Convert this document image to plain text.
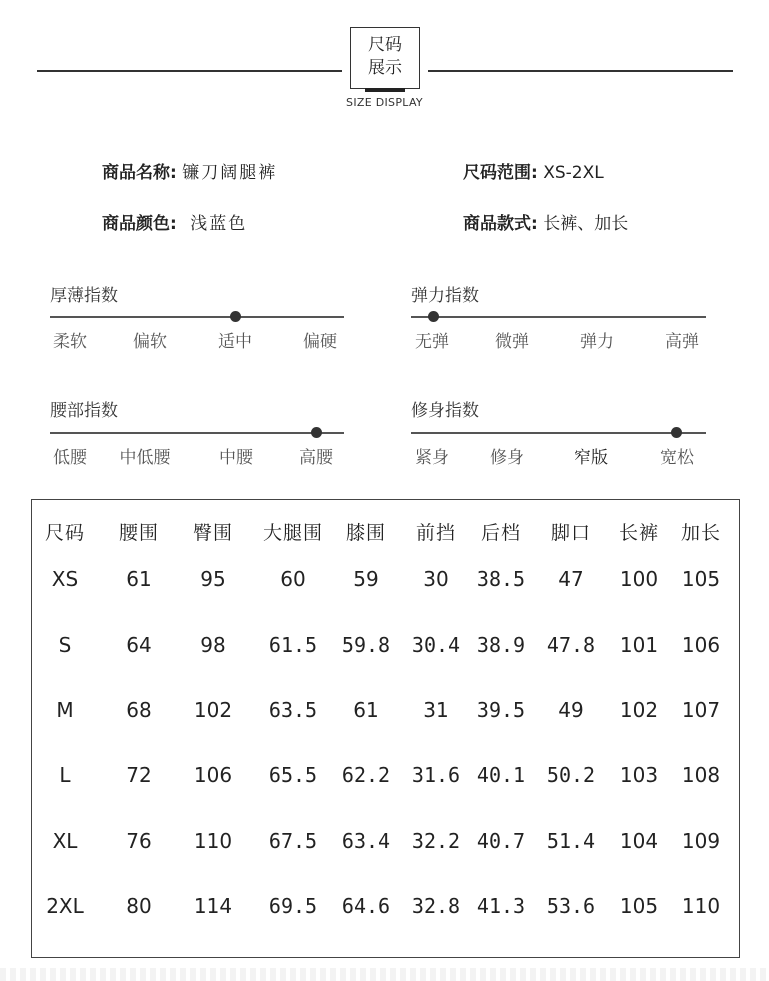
尺码
展示
SIZE DISPLAY
商品名称: 镰刀阔腿裤	尺码范围: XS-2XL
商品颜色: 浅蓝色	商品款式: 长裤、加长
厚薄指数
柔软	偏软	适中	偏硬
弹力指数
无弹	微弹	弹力	高弹
腰部指数
低腰 中低腰	中腰	高腰
修身指数
紧身 修身	窄版	宽松
尺码 腰围 臀围 大腿围 膝围 前挡 后档 脚口 长裤 加长
XS 61 95	60 59 30 38.5 47 100 105
S	64 98 61.5 59.8 30.4 38.9 47.8 101 106
M	68 102 63.5 61 31 39.5 49 102 107
L	72 106 65.5 62.2 31.6 40.1 50.2 103 108
XL 76 110 67.5 63.4 32.2 40.7 51.4 104 109
2XL 80 114 69.5 64.6 32.8 41.3 53.6 105 110
